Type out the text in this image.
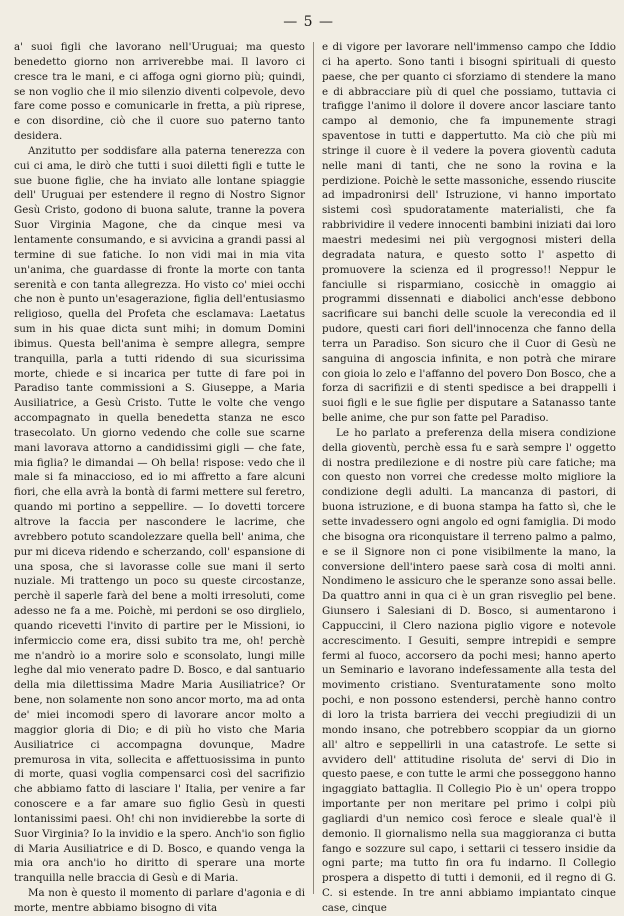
— 5 —

a' suoi figli che lavorano nell'Uruguai; ma questo benedetto giorno non arriverebbe mai. Il lavoro ci cresce tra le mani, e ci affoga ogni giorno più; quindi, se non voglio che il mio silenzio diventi colpevole, devo fare come posso e comunicarle in fretta, a più riprese, e con disordine, ciò che il cuore suo paterno tanto desidera.

Anzitutto per soddisfare alla paterna tenerezza con cui ci ama, le dirò che tutti i suoi diletti figli e tutte le sue buone figlie, che ha inviato alle lontane spiaggie dell' Uruguai per estendere il regno di Nostro Signor Gesù Cristo, godono di buona salute, tranne la povera Suor Virginia Magone, che da cinque mesi va lentamente consumando, e si avvicina a grandi passi al termine di sue fatiche. Io non vidi mai in mia vita un'anima, che guardasse di fronte la morte con tanta serenità e con tanta allegrezza. Ho visto co' miei occhi che non è punto un'esagerazione, figlia dell'entusiasmo religioso, quella del Profeta che esclamava: Laetatus sum in his quae dicta sunt mihi; in domum Domini ibimus. Questa bell'anima è sempre allegra, sempre tranquilla, parla a tutti ridendo di sua sicurissima morte, chiede e si incarica per tutte di fare poi in Paradiso tante commissioni a S. Giuseppe, a Maria Ausiliatrice, a Gesù Cristo. Tutte le volte che vengo accompagnato in quella benedetta stanza ne esco trasecolato. Un giorno vedendo che colle sue scarne mani lavorava attorno a candidissimi gigli — che fate, mia figlia? le dimandai — Oh bella! rispose: vedo che il male si fa minaccioso, ed io mi affretto a fare alcuni fiori, che ella avrà la bontà di farmi mettere sul feretro, quando mi portino a seppellire. — Io dovetti torcere altrove la faccia per nascondere le lacrime, che avrebbero potuto scandolezzare quella bell' anima, che pur mi diceva ridendo e scherzando, coll' espansione di una sposa, che si lavorasse colle sue mani il serto nuziale. Mi trattengo un poco su queste circostanze, perchè il saperle farà del bene a molti irresoluti, come adesso ne fa a me. Poichè, mi perdoni se oso dirglielo, quando ricevetti l'invito di partire per le Missioni, io infermiccio come era, dissi subito tra me, oh! perchè me n'andrò io a morire solo e sconsolato, lungi mille leghe dal mio venerato padre D. Bosco, e dal santuario della mia dilettissima Madre Maria Ausiliatrice? Or bene, non solamente non sono ancor morto, ma ad onta de' miei incomodi spero di lavorare ancor molto a maggior gloria di Dio; e di più ho visto che Maria Ausiliatrice ci accompagna dovunque, Madre premurosa in vita, sollecita e affettuosissima in punto di morte, quasi voglia compensarci così del sacrifizio che abbiamo fatto di lasciare l' Italia, per venire a far conoscere e a far amare suo figlio Gesù in questi lontanissimi paesi. Oh! chi non invidierebbe la sorte di Suor Virginia? Io la invidio e la spero. Anch'io son figlio di Maria Ausiliatrice e di D. Bosco, e quando venga la mia ora anch'io ho diritto di sperare una morte tranquilla nelle braccia di Gesù e di Maria.

Ma non è questo il momento di parlare d'agonia e di morte, mentre abbiamo bisogno di vita

e di vigore per lavorare nell'immenso campo che Iddio ci ha aperto. Sono tanti i bisogni spirituali di questo paese, che per quanto ci sforziamo di stendere la mano e di abbracciare più di quel che possiamo, tuttavia ci trafigge l'animo il dolore il dovere ancor lasciare tanto campo al demonio, che fa impunemente stragi spaventose in tutti e dappertutto. Ma ciò che più mi stringe il cuore è il vedere la povera gioventù caduta nelle mani di tanti, che ne sono la rovina e la perdizione. Poichè le sette massoniche, essendo riuscite ad impadronirsi dell' Istruzione, vi hanno importato sistemi così spudoratamente materialisti, che fa rabbrividire il vedere innocenti bambini iniziati dai loro maestri medesimi nei più vergognosi misteri della degradata natura, e questo sotto l' aspetto di promuovere la scienza ed il progresso!! Neppur le fanciulle si risparmiano, cosicchè in omaggio ai programmi dissennati e diabolici anch'esse debbono sacrificare sui banchi delle scuole la verecondia ed il pudore, questi cari fiori dell'innocenza che fanno della terra un Paradiso. Son sicuro che il Cuor di Gesù ne sanguina di angoscia infinita, e non potrà che mirare con gioia lo zelo e l'affanno del povero Don Bosco, che a forza di sacrifizii e di stenti spedisce a bei drappelli i suoi figli e le sue figlie per disputare a Satanasso tante belle anime, che pur son fatte pel Paradiso.

Le ho parlato a preferenza della misera condizione della gioventù, perchè essa fu e sarà sempre l' oggetto di nostra predilezione e di nostre più care fatiche; ma con questo non vorrei che credesse molto migliore la condizione degli adulti. La mancanza di pastori, di buona istruzione, e di buona stampa ha fatto sì, che le sette invadessero ogni angolo ed ogni famiglia. Di modo che bisogna ora riconquistare il terreno palmo a palmo, e se il Signore non ci pone visibilmente la mano, la conversione dell'intero paese sarà cosa di molti anni. Nondimeno le assicuro che le speranze sono assai belle. Da quattro anni in qua ci è un gran risveglio pel bene. Giunsero i Salesiani di D. Bosco, si aumentarono i Cappuccini, il Clero naziona piglio vigore e notevole accrescimento. I Gesuiti, sempre intrepidi e sempre fermi al fuoco, accorsero da pochi mesi; hanno aperto un Seminario e lavorano indefessamente alla testa del movimento cristiano. Sventuratamente sono molto pochi, e non possono estendersi, perchè hanno contro di loro la trista barriera dei vecchi pregiudizii di un mondo insano, che potrebbero scoppiar da un giorno all' altro e seppellirli in una catastrofe. Le sette si avvidero dell' attitudine risoluta de' servi di Dio in questo paese, e con tutte le armi che posseggono hanno ingaggiato battaglia. Il Collegio Pio è un' opera troppo importante per non meritare pel primo i colpi più gagliardi d'un nemico così feroce e sleale qual'è il demonio. Il giornalismo nella sua maggioranza ci butta fango e sozzure sul capo, i settarii ci tessero insidie da ogni parte; ma tutto fin ora fu indarno. Il Collegio prospera a dispetto di tutti i demonii, ed il regno di G. C. si estende. In tre anni abbiamo impiantato cinque case, cinque
